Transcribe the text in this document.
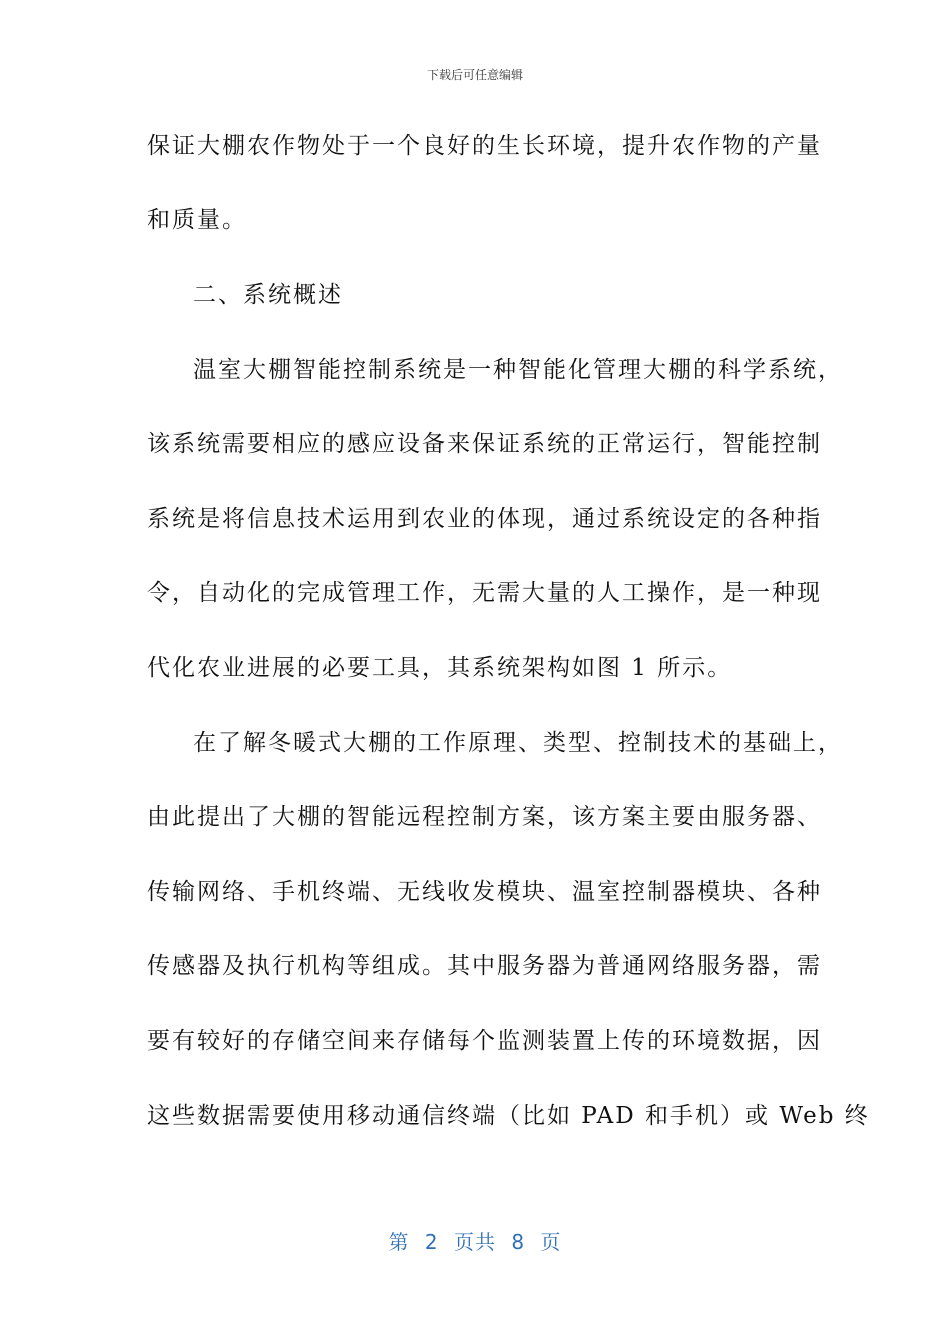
下载后可任意编辑
保证大棚农作物处于一个良好的生长环境，提升农作物的产量
和质量。
二、系统概述
温室大棚智能控制系统是一种智能化管理大棚的科学系统，
该系统需要相应的感应设备来保证系统的正常运行，智能控制
系统是将信息技术运用到农业的体现，通过系统设定的各种指
令，自动化的完成管理工作，无需大量的人工操作，是一种现
代化农业进展的必要工具，其系统架构如图 1 所示。
在了解冬暖式大棚的工作原理、类型、控制技术的基础上，
由此提出了大棚的智能远程控制方案，该方案主要由服务器、
传输网络、手机终端、无线收发模块、温室控制器模块、各种
传感器及执行机构等组成。其中服务器为普通网络服务器，需
要有较好的存储空间来存储每个监测装置上传的环境数据，因
这些数据需要使用移动通信终端（比如 PAD 和手机）或 Web 终
第 2 页共 8 页
